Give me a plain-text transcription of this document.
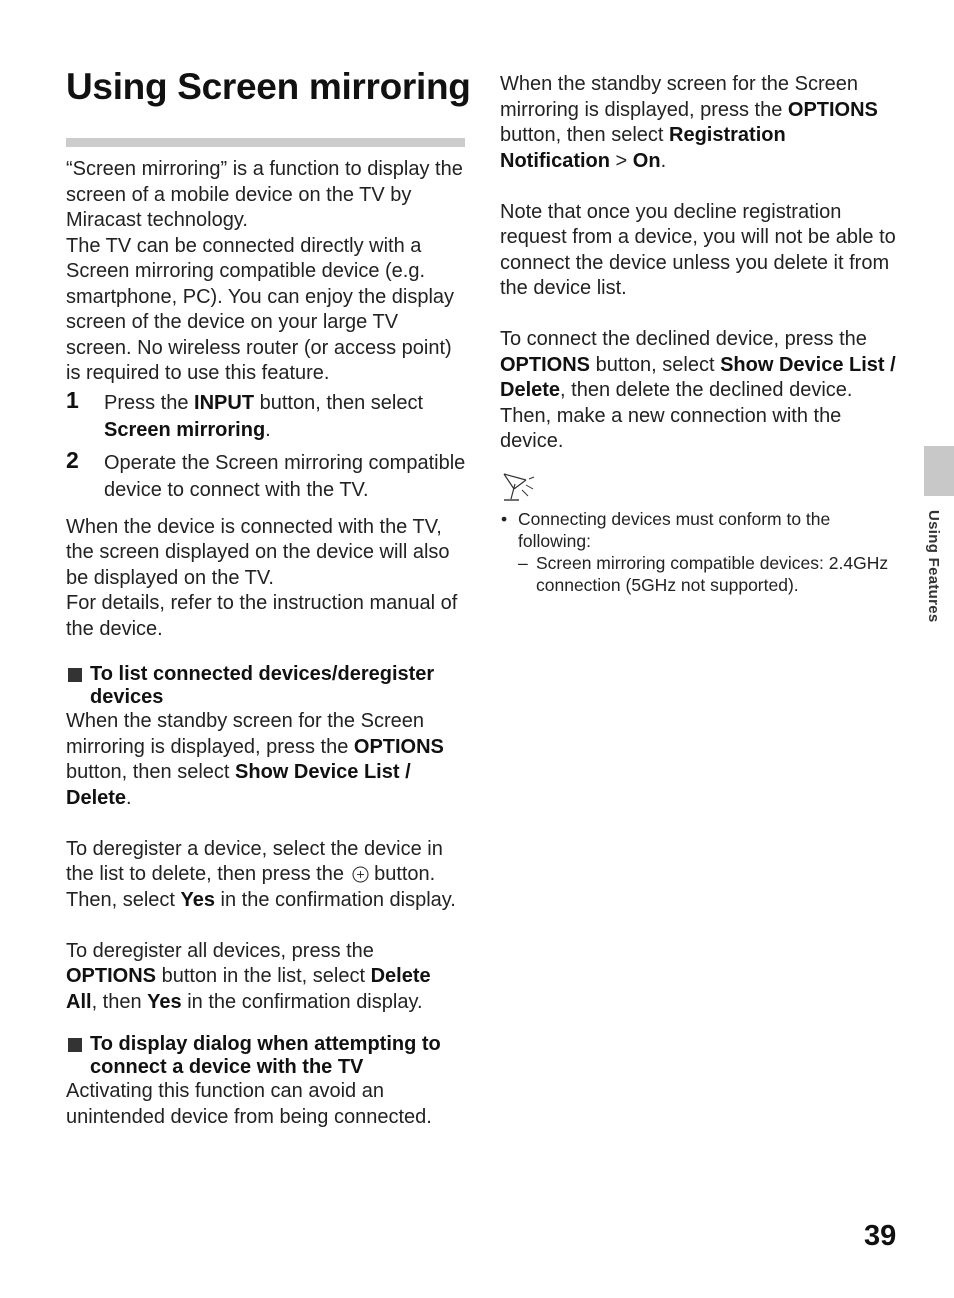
Using Screen mirroring

“Screen mirroring” is a function to display the screen of a mobile device on the TV by Miracast technology.

The TV can be connected directly with a Screen mirroring compatible device (e.g. smartphone, PC). You can enjoy the display screen of the device on your large TV screen. No wireless router (or access point) is required to use this feature.

1 Press the INPUT button, then select Screen mirroring.
2 Operate the Screen mirroring compatible device to connect with the TV.

When the device is connected with the TV, the screen displayed on the device will also be displayed on the TV.

For details, refer to the instruction manual of the device.

To list connected devices/deregister devices

When the standby screen for the Screen mirroring is displayed, press the OPTIONS button, then select Show Device List / Delete.

To deregister a device, select the device in the list to delete, then press the  button. Then, select Yes in the confirmation display.

To deregister all devices, press the OPTIONS button in the list, select Delete All, then Yes in the confirmation display.

To display dialog when attempting to connect a device with the TV

Activating this function can avoid an unintended device from being connected.

When the standby screen for the Screen mirroring is displayed, press the OPTIONS button, then select Registration Notification > On.

Note that once you decline registration request from a device, you will not be able to connect the device unless you delete it from the device list.

To connect the declined device, press the OPTIONS button, select Show Device List / Delete, then delete the declined device. Then, make a new connection with the device.

• Connecting devices must conform to the following:
– Screen mirroring compatible devices: 2.4GHz connection (5GHz not supported).	Using Features
39
